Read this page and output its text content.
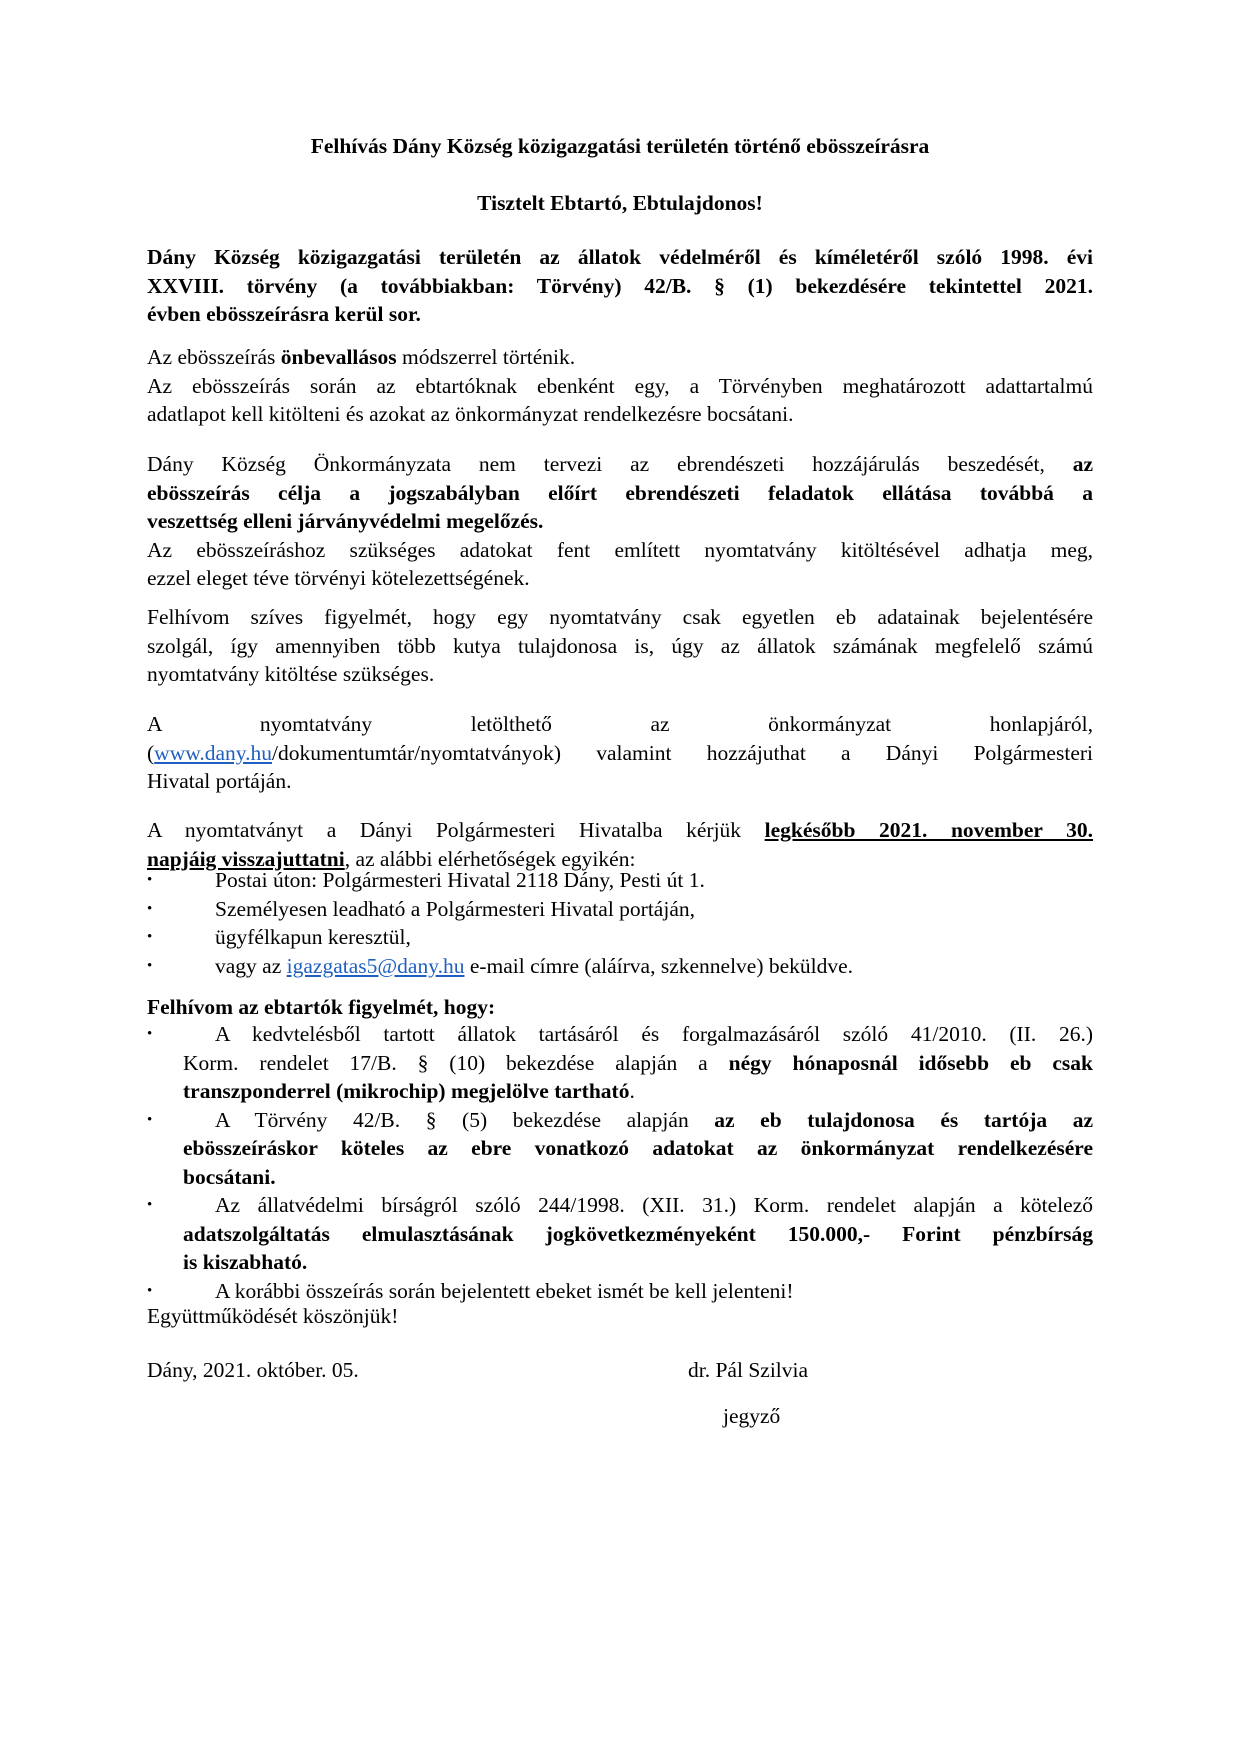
Felhívás Dány Község közigazgatási területén történő ebösszeírásra
Tisztelt Ebtartó, Ebtulajdonos!
Dány Község közigazgatási területén az állatok védelméről és kíméletéről szóló 1998. évi
XXVIII. törvény (a továbbiakban: Törvény) 42/B. § (1) bekezdésére tekintettel 2021.
évben ebösszeírásra kerül sor.
Az ebösszeírás önbevallásos módszerrel történik.
Az ebösszeírás során az ebtartóknak ebenként egy, a Törvényben meghatározott adattartalmú
adatlapot kell kitölteni és azokat az önkormányzat rendelkezésre bocsátani.
Dány Község Önkormányzata nem tervezi az ebrendészeti hozzájárulás beszedését, az
ebösszeírás célja a jogszabályban előírt ebrendészeti feladatok ellátása továbbá a
veszettség elleni járványvédelmi megelőzés.
Az ebösszeíráshoz szükséges adatokat fent említett nyomtatvány kitöltésével adhatja meg,
ezzel eleget téve törvényi kötelezettségének.
Felhívom szíves figyelmét, hogy egy nyomtatvány csak egyetlen eb adatainak bejelentésére
szolgál, így amennyiben több kutya tulajdonosa is, úgy az állatok számának megfelelő számú
nyomtatvány kitöltése szükséges.
A nyomtatvány letölthető az önkormányzat honlapjáról,
(www.dany.hu/dokumentumtár/nyomtatványok) valamint hozzájuthat a Dányi Polgármesteri
Hivatal portáján.
A nyomtatványt a Dányi Polgármesteri Hivatalba kérjük legkésőbb 2021. november 30.
napjáig visszajuttatni, az alábbi elérhetőségek egyikén:
•	Postai úton: Polgármesteri Hivatal 2118 Dány, Pesti út 1.
•	Személyesen leadható a Polgármesteri Hivatal portáján,
•	ügyfélkapun keresztül,
•	vagy az igazgatas5@dany.hu e-mail címre (aláírva, szkennelve) beküldve.
Felhívom az ebtartók figyelmét, hogy:
•	A kedvtelésből tartott állatok tartásáról és forgalmazásáról szóló 41/2010. (II. 26.)
Korm. rendelet 17/B. § (10) bekezdése alapján a négy hónaposnál idősebb eb csak
transzponderrel (mikrochip) megjelölve tartható.
•	A Törvény 42/B. § (5) bekezdése alapján az eb tulajdonosa és tartója az
ebösszeíráskor köteles az ebre vonatkozó adatokat az önkormányzat rendelkezésére
bocsátani.
•	Az állatvédelmi bírságról szóló 244/1998. (XII. 31.) Korm. rendelet alapján a kötelező
adatszolgáltatás elmulasztásának jogkövetkezményeként 150.000,- Forint pénzbírság
is kiszabható.
•	A korábbi összeírás során bejelentett ebeket ismét be kell jelenteni!
Együttműködését köszönjük!
Dány, 2021. október. 05.	dr. Pál Szilvia
jegyző
